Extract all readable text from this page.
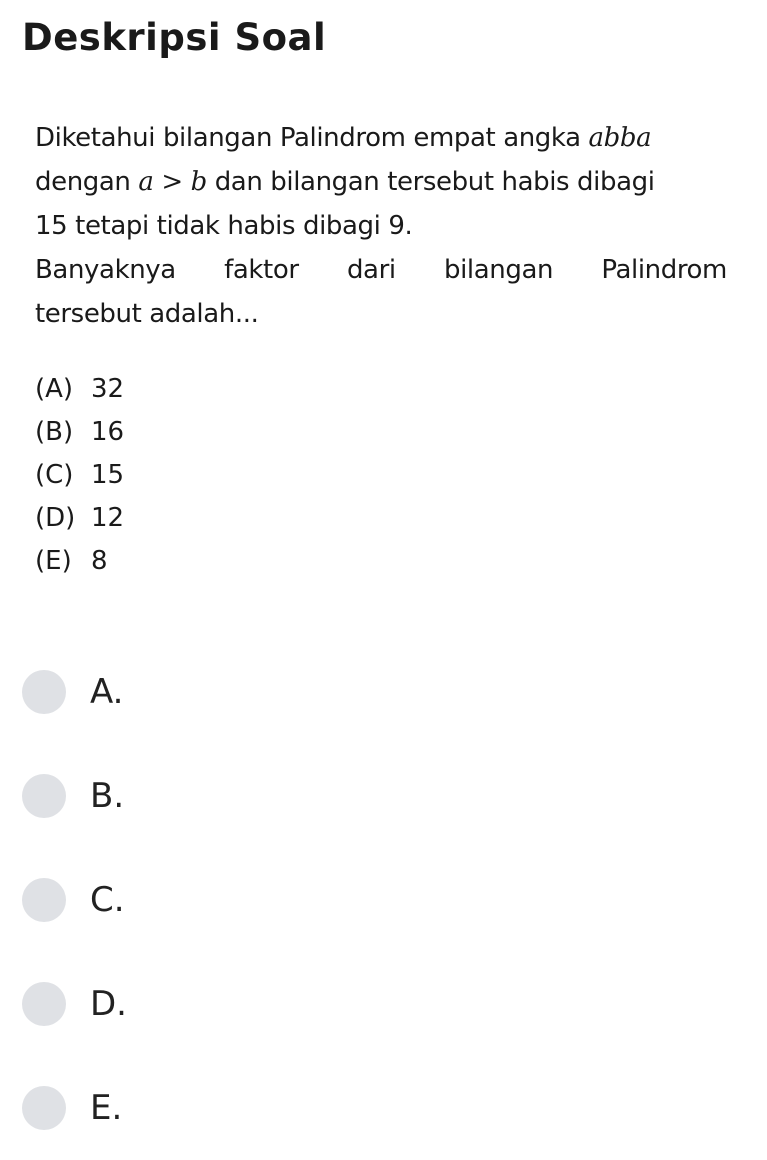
Deskripsi Soal
Diketahui bilangan Palindrom empat angka abba
dengan a > b dan bilangan tersebut habis dibagi
15 tetapi tidak habis dibagi 9.
Banyaknya faktor dari bilangan Palindrom
tersebut adalah...
(A) 32
(B) 16
(C) 15
(D) 12
(E) 8
A.
B.
C.
D.
E.
